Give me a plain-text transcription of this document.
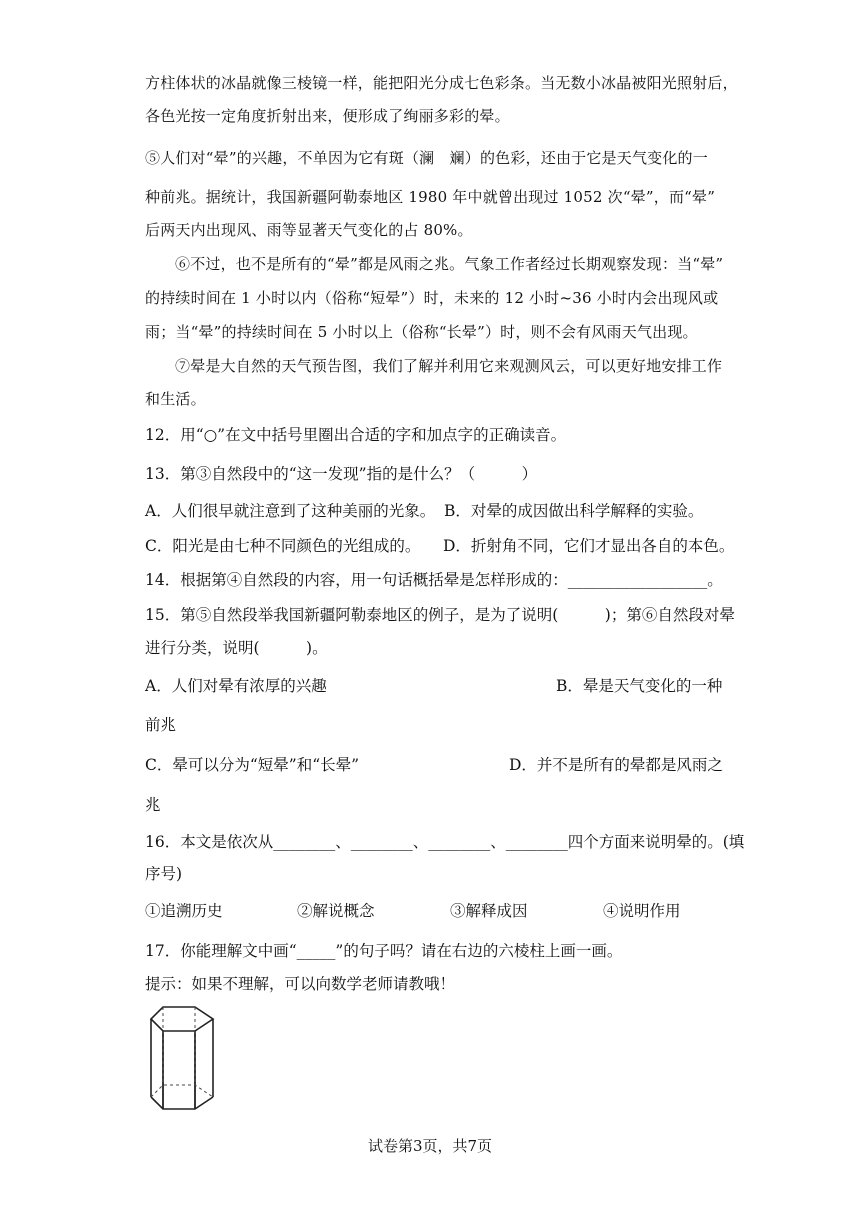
方柱体状的冰晶就像三棱镜一样，能把阳光分成七色彩条。当无数小冰晶被阳光照射后，
各色光按一定角度折射出来，便形成了绚丽多彩的晕。
⑤人们对“晕”的兴趣，不单因为它有斑（澜　斓）的色彩，还由于它是天气变化的一
种前兆。据统计，我国新疆阿勒泰地区 1980 年中就曾出现过 1052 次“晕”，而“晕”
后两天内出现风、雨等显著天气变化的占 80%。
⑥不过，也不是所有的“晕”都是风雨之兆。气象工作者经过长期观察发现：当“晕”
的持续时间在 1 小时以内（俗称“短晕”）时，未来的 12 小时~36 小时内会出现风或
雨；当“晕”的持续时间在 5 小时以上（俗称“长晕”）时，则不会有风雨天气出现。
⑦晕是大自然的天气预告图，我们了解并利用它来观测风云，可以更好地安排工作
和生活。
12．用“○”在文中括号里圈出合适的字和加点字的正确读音。
13．第③自然段中的“这一发现”指的是什么？（　　　）
A．人们很早就注意到了这种美丽的光象。 B．对晕的成因做出科学解释的实验。
C．阳光是由七种不同颜色的光组成的。 D．折射角不同，它们才显出各自的本色。
14．根据第④自然段的内容，用一句话概括晕是怎样形成的：__________________。
15．第⑤自然段举我国新疆阿勒泰地区的例子，是为了说明(　　　)；第⑥自然段对晕
进行分类，说明(　　　)。
A．人们对晕有浓厚的兴趣	B．晕是天气变化的一种
前兆
C．晕可以分为“短晕”和“长晕”	D．并不是所有的晕都是风雨之
兆
16．本文是依次从________、________、________、________四个方面来说明晕的。(填
序号)
①追溯历史	②解说概念	③解释成因	④说明作用
17．你能理解文中画“_____”的句子吗？请在右边的六棱柱上画一画。
提示：如果不理解，可以向数学老师请教哦！
试卷第3页，共7页
